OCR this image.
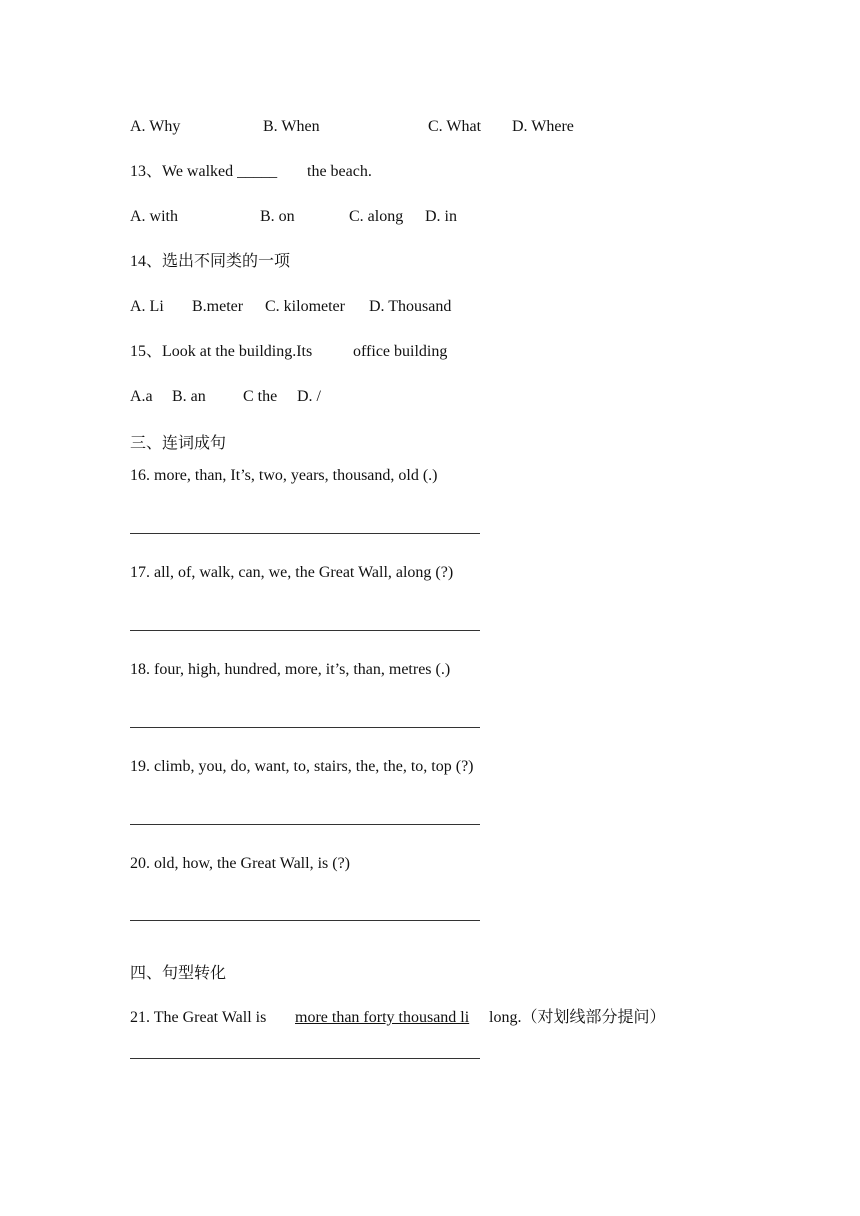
A. Why	B. When	C. What D. Where
13、We walked _____ the beach.
A. with	B. on	C. along D. in
14、选出不同类的一项
A. Li B.meter C. kilometer D. Thousand
15、Look at the building.Its	office building
A.a B. an C the D. /
三、连词成句
16. more, than, It’s, two, years, thousand, old (.)
17. all, of, walk, can, we, the Great Wall, along (?)
18. four, high, hundred, more, it’s, than, metres (.)
19. climb, you, do, want, to, stairs, the, the, to, top (?)
20. old, how, the Great Wall, is (?)
四、句型转化
21. The Great Wall is more than forty thousand li long.（对划线部分提问）
